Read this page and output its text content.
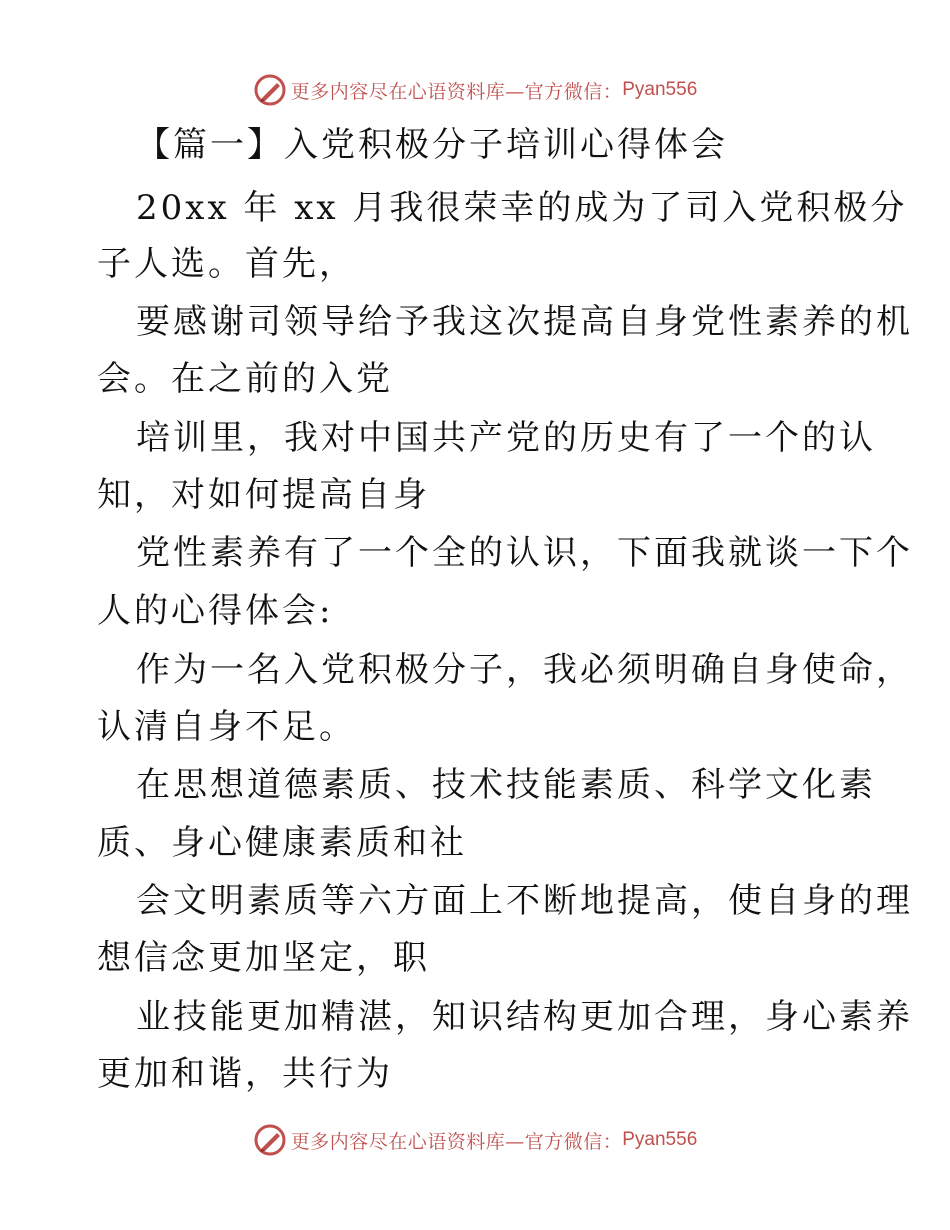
更多内容尽在心语资料库—官方微信： Pyan556
【篇一】入党积极分子培训心得体会
20xx 年 xx 月我很荣幸的成为了司入党积极分
子人选。首先，
要感谢司领导给予我这次提高自身党性素养的机
会。在之前的入党
培训里，我对中国共产党的历史有了一个的认
知，对如何提高自身
党性素养有了一个全的认识，下面我就谈一下个
人的心得体会:
作为一名入党积极分子，我必须明确自身使命，
认清自身不足。
在思想道德素质、技术技能素质、科学文化素
质、身心健康素质和社
会文明素质等六方面上不断地提高，使自身的理
想信念更加坚定，职
业技能更加精湛，知识结构更加合理，身心素养
更加和谐，共行为
更多内容尽在心语资料库—官方微信： Pyan556
